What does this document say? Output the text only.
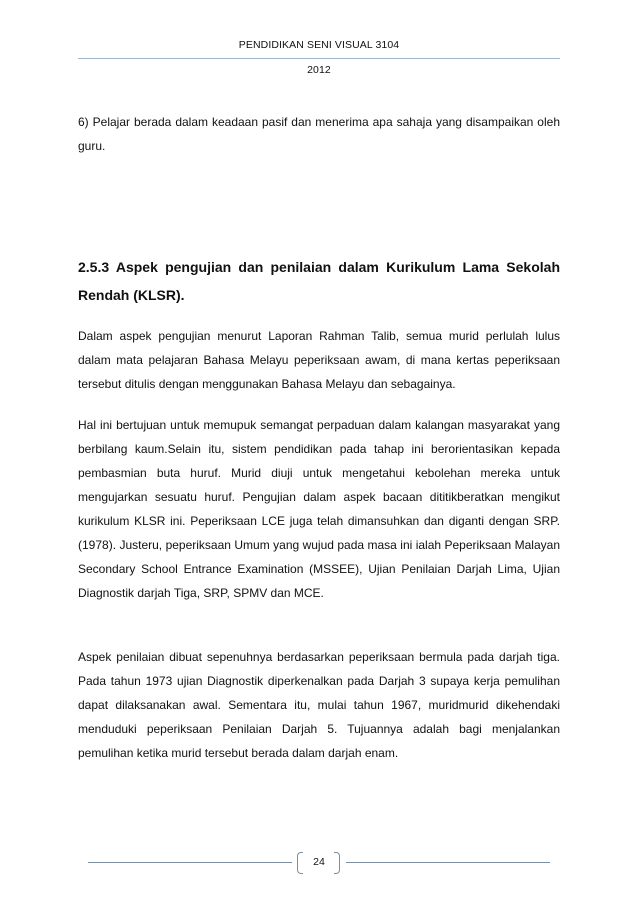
PENDIDIKAN SENI VISUAL 3104
2012

6) Pelajar berada dalam keadaan pasif dan menerima apa sahaja yang disampaikan oleh guru.

2.5.3 Aspek pengujian dan penilaian dalam Kurikulum Lama Sekolah Rendah (KLSR).

Dalam aspek pengujian menurut Laporan Rahman Talib, semua murid perlulah lulus dalam mata pelajaran Bahasa Melayu peperiksaan awam, di mana kertas peperiksaan tersebut ditulis dengan menggunakan Bahasa Melayu dan sebagainya.

Hal ini bertujuan untuk memupuk semangat perpaduan dalam kalangan masyarakat yang berbilang kaum.Selain itu, sistem pendidikan pada tahap ini berorientasikan kepada pembasmian buta huruf. Murid diuji untuk mengetahui kebolehan mereka untuk mengujarkan sesuatu huruf. Pengujian dalam aspek bacaan dititikberatkan mengikut kurikulum KLSR ini. Peperiksaan LCE juga telah dimansuhkan dan diganti dengan SRP. (1978). Justeru, peperiksaan Umum yang wujud pada masa ini ialah Peperiksaan Malayan Secondary School Entrance Examination (MSSEE), Ujian Penilaian Darjah Lima, Ujian Diagnostik darjah Tiga, SRP, SPMV dan MCE.

Aspek penilaian dibuat sepenuhnya berdasarkan peperiksaan bermula pada darjah tiga. Pada tahun 1973 ujian Diagnostik diperkenalkan pada Darjah 3 supaya kerja pemulihan dapat dilaksanakan awal. Sementara itu, mulai tahun 1967, muridmurid dikehendaki menduduki peperiksaan Penilaian Darjah 5. Tujuannya adalah bagi menjalankan pemulihan ketika murid tersebut berada dalam darjah enam.

24
